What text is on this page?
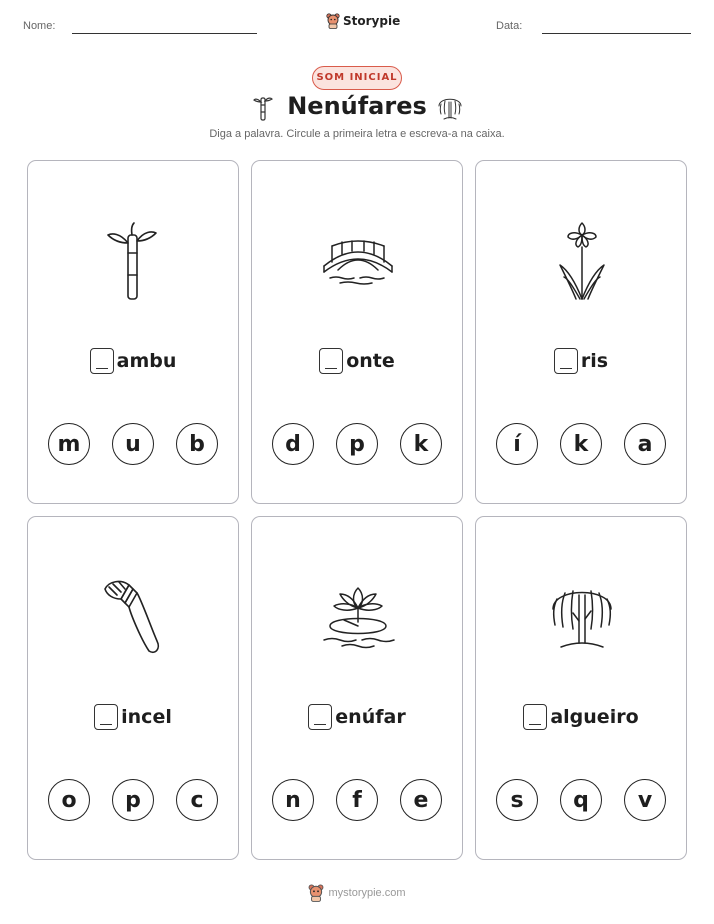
Nome:	Storypie	Data:
SOM INICIAL
Nenúfares
Diga a palavra. Circule a primeira letra e escreva-a na caixa.
ambu
m	u	b
onte
d	p	k
ris
í	k	a
incel
o	p	c
enúfar
n	f	e
algueiro
s	q	v
mystorypie.com
